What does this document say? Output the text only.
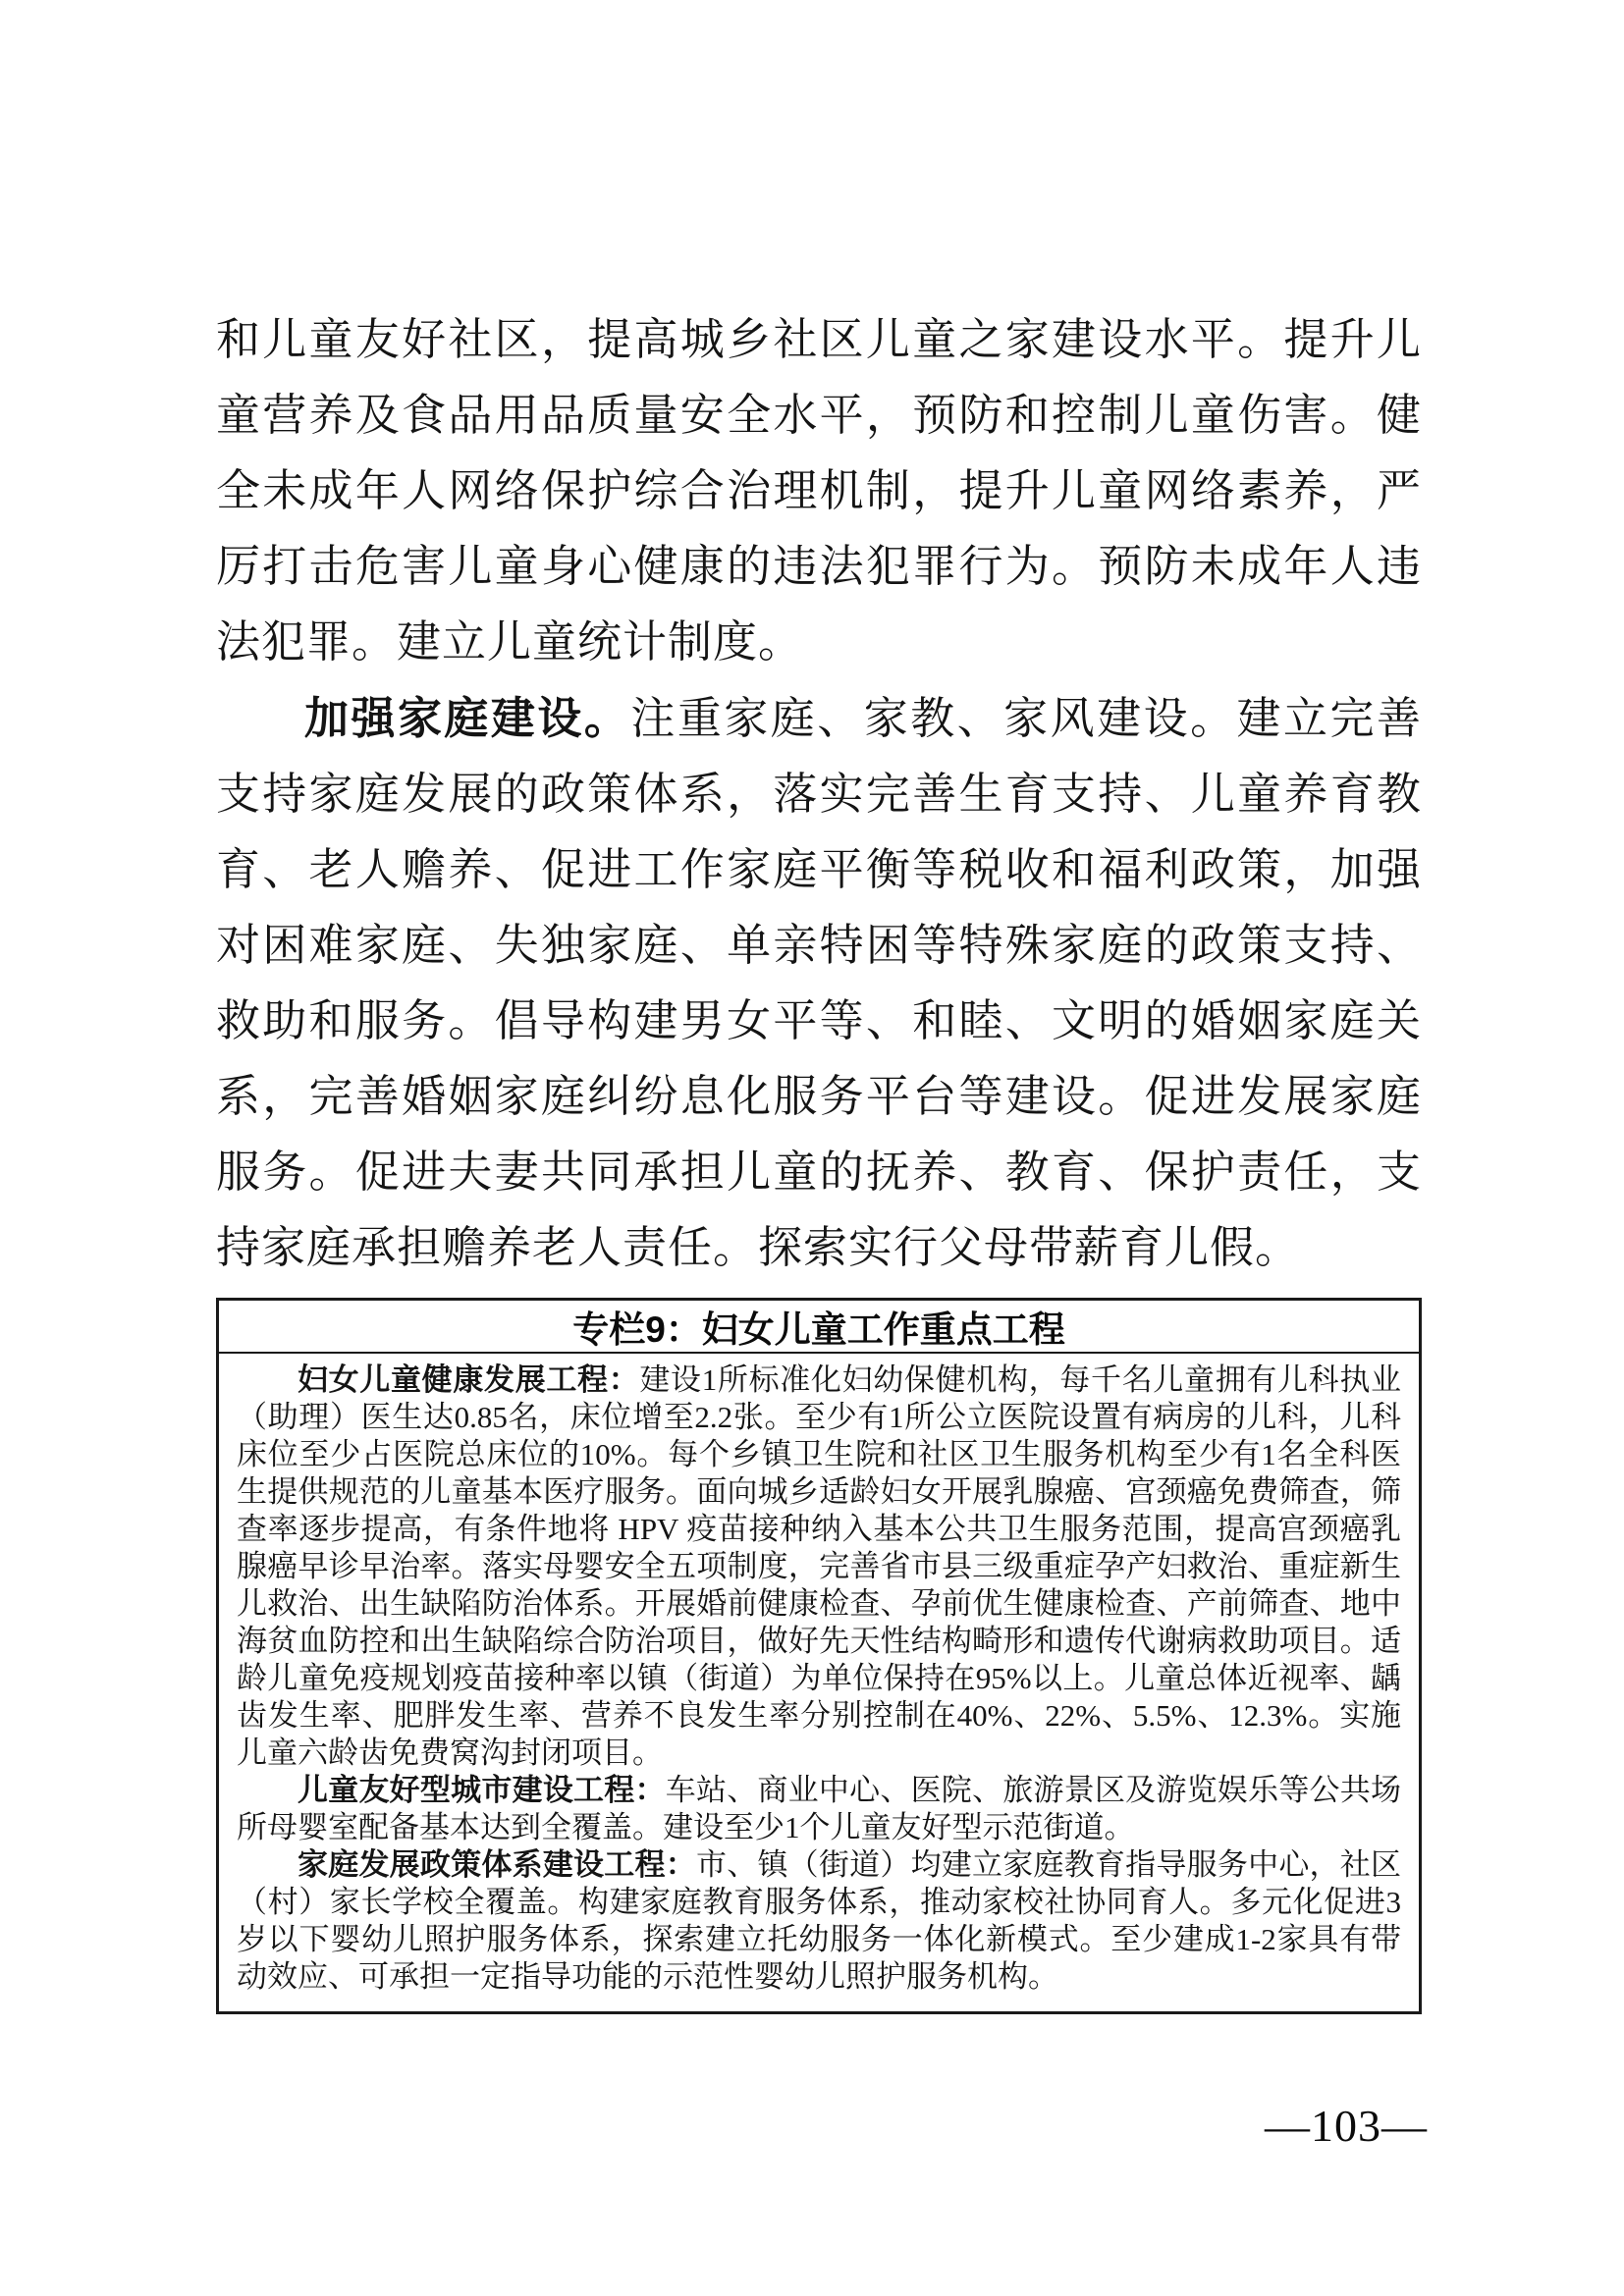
和儿童友好社区，提高城乡社区儿童之家建设水平。提升儿童营养及食品用品质量安全水平，预防和控制儿童伤害。健全未成年人网络保护综合治理机制，提升儿童网络素养，严厉打击危害儿童身心健康的违法犯罪行为。预防未成年人违法犯罪。建立儿童统计制度。

加强家庭建设。注重家庭、家教、家风建设。建立完善支持家庭发展的政策体系，落实完善生育支持、儿童养育教育、老人赡养、促进工作家庭平衡等税收和福利政策，加强对困难家庭、失独家庭、单亲特困等特殊家庭的政策支持、救助和服务。倡导构建男女平等、和睦、文明的婚姻家庭关系，完善婚姻家庭纠纷息化服务平台等建设。促进发展家庭服务。促进夫妻共同承担儿童的抚养、教育、保护责任，支持家庭承担赡养老人责任。探索实行父母带薪育儿假。

专栏9：妇女儿童工作重点工程

妇女儿童健康发展工程：建设1所标准化妇幼保健机构，每千名儿童拥有儿科执业（助理）医生达0.85名，床位增至2.2张。至少有1所公立医院设置有病房的儿科，儿科床位至少占医院总床位的10%。每个乡镇卫生院和社区卫生服务机构至少有1名全科医生提供规范的儿童基本医疗服务。面向城乡适龄妇女开展乳腺癌、宫颈癌免费筛查，筛查率逐步提高，有条件地将 HPV 疫苗接种纳入基本公共卫生服务范围，提高宫颈癌乳腺癌早诊早治率。落实母婴安全五项制度，完善省市县三级重症孕产妇救治、重症新生儿救治、出生缺陷防治体系。开展婚前健康检查、孕前优生健康检查、产前筛查、地中海贫血防控和出生缺陷综合防治项目，做好先天性结构畸形和遗传代谢病救助项目。适龄儿童免疫规划疫苗接种率以镇（街道）为单位保持在95%以上。儿童总体近视率、龋齿发生率、肥胖发生率、营养不良发生率分别控制在40%、22%、5.5%、12.3%。实施儿童六龄齿免费窝沟封闭项目。

儿童友好型城市建设工程：车站、商业中心、医院、旅游景区及游览娱乐等公共场所母婴室配备基本达到全覆盖。建设至少1个儿童友好型示范街道。

家庭发展政策体系建设工程：市、镇（街道）均建立家庭教育指导服务中心，社区（村）家长学校全覆盖。构建家庭教育服务体系，推动家校社协同育人。多元化促进3岁以下婴幼儿照护服务体系，探索建立托幼服务一体化新模式。至少建成1-2家具有带动效应、可承担一定指导功能的示范性婴幼儿照护服务机构。

—103—
